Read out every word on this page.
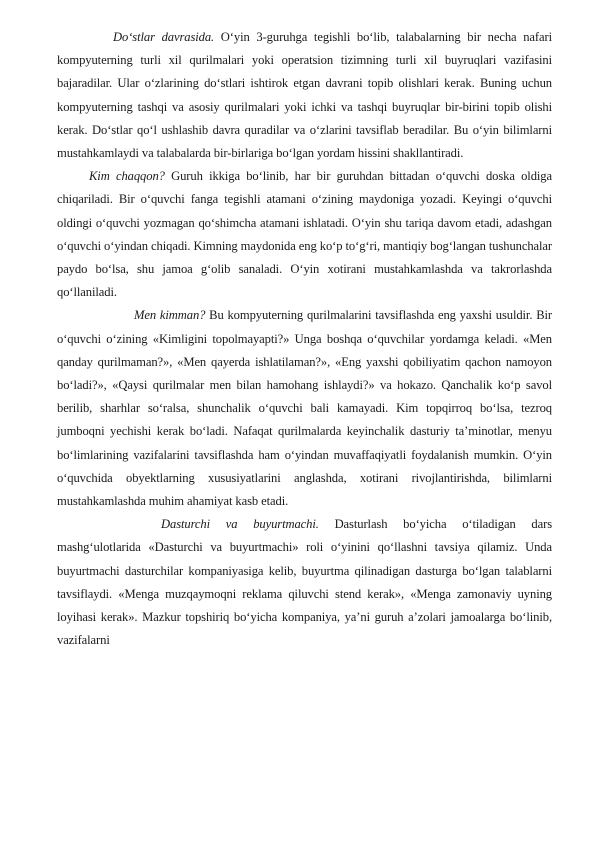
Do‘stlar davrasida. O‘yin 3-guruhga tegishli bo‘lib, talabalarning bir necha nafari kompyuterning turli xil qurilmalari yoki operatsion tizimning turli xil buyruqlari vazifasini bajaradilar. Ular o‘zlarining do‘stlari ishtirok etgan davrani topib olishlari kerak. Buning uchun kompyuterning tashqi va asosiy qurilmalari yoki ichki va tashqi buyruqlar bir-birini topib olishi kerak. Do‘stlar qo‘l ushlashib davra quradilar va o‘zlarini tavsiflab beradilar. Bu o‘yin bilimlarni mustahkamlaydi va talabalarda bir-birlariga bo‘lgan yordam hissini shakllantiradi.

Kim chaqqon? Guruh ikkiga bo‘linib, har bir guruhdan bittadan o‘quvchi doska oldiga chiqariladi. Bir o‘quvchi fanga tegishli atamani o‘zining maydoniga yozadi. Keyingi o‘quvchi oldingi o‘quvchi yozmagan qo‘shimcha atamani ishlatadi. O‘yin shu tariqa davom etadi, adashgan o‘quvchi o‘yindan chiqadi. Kimning maydonida eng ko‘p to‘g‘ri, mantiqiy bog‘langan tushunchalar paydo bo‘lsa, shu jamoa g‘olib sanaladi. O‘yin xotirani mustahkamlashda va takrorlashda qo‘llaniladi.

Men kimman? Bu kompyuterning qurilmalarini tavsiflashda eng yaxshi usuldir. Bir o‘quvchi o‘zining «Kimligini topolmayapti?» Unga boshqa o‘quvchilar yordamga keladi. «Men qanday qurilmaman?», «Men qayerda ishlatilaman?», «Eng yaxshi qobiliyatim qachon namoyon bo‘ladi?», «Qaysi qurilmalar men bilan hamohang ishlaydi?» va hokazo. Qanchalik ko‘p savol berilib, sharhlar so‘ralsa, shunchalik o‘quvchi bali kamayadi. Kim topqirroq bo‘lsa, tezroq jumboqni yechishi kerak bo‘ladi. Nafaqat qurilmalarda keyinchalik dasturiy ta’minotlar, menyu bo‘limlarining vazifalarini tavsiflashda ham o‘yindan muvaffaqiyatli foydalanish mumkin. O‘yin o‘quvchida obyektlarning xususiyatlarini anglashda, xotirani rivojlantirishda, bilimlarni mustahkamlashda muhim ahamiyat kasb etadi.

Dasturchi va buyurtmachi. Dasturlash bo‘yicha o‘tiladigan dars mashg‘ulotlarida «Dasturchi va buyurtmachi» roli o‘yinini qo‘llashni tavsiya qilamiz. Unda buyurtmachi dasturchilar kompaniyasiga kelib, buyurtma qilinadigan dasturga bo‘lgan talablarni tavsiflaydi. «Menga muzqaymoqni reklama qiluvchi stend kerak», «Menga zamonaviy uyning loyihasi kerak». Mazkur topshiriq bo‘yicha kompaniya, ya’ni guruh a’zolari jamoalarga bo‘linib, vazifalarni
